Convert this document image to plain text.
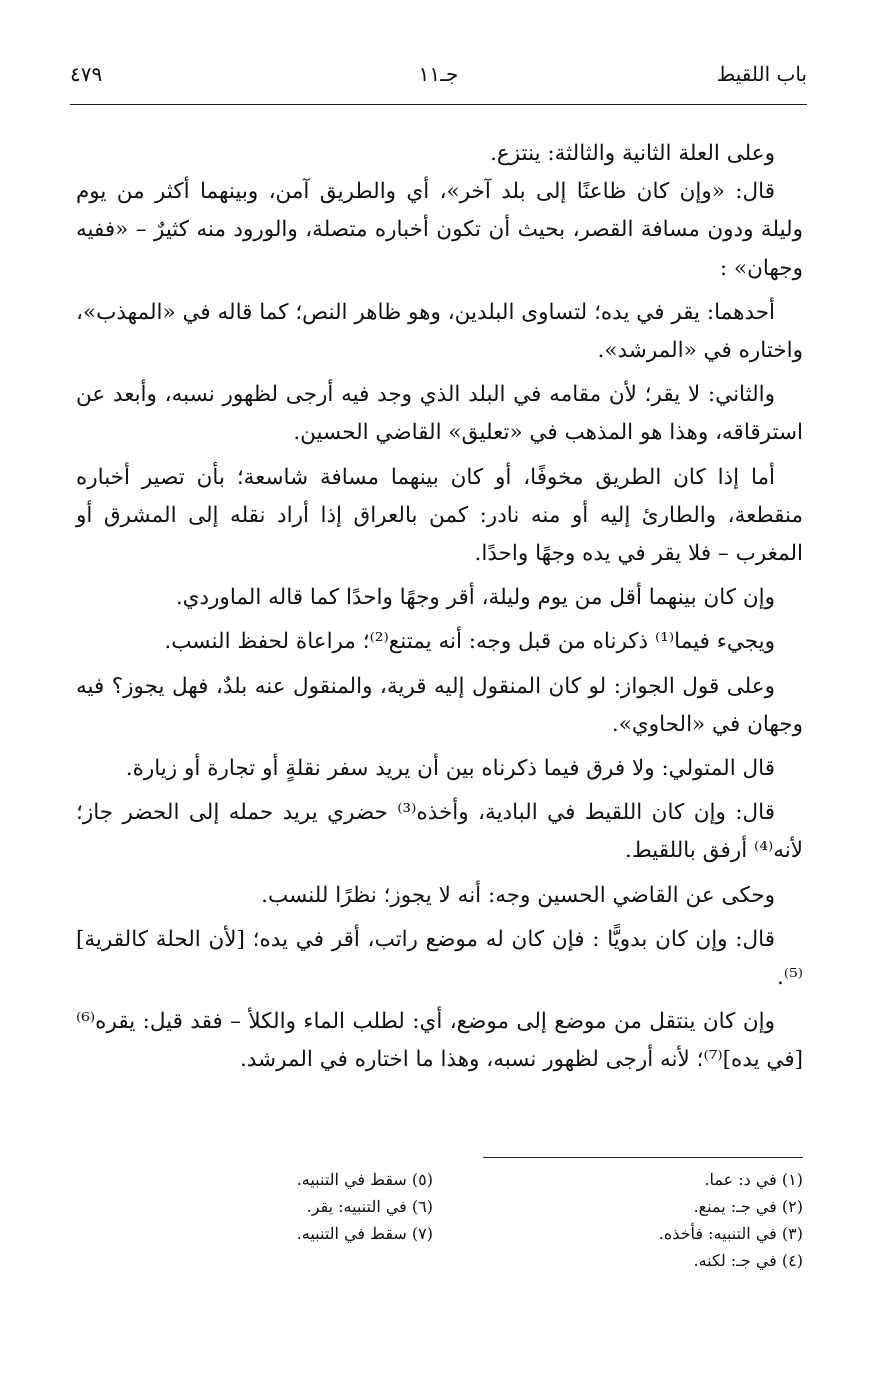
باب اللقيط
جـ١١
٤٧٩

وعلى العلة الثانية والثالثة: ينتزع.

قال: «وإن كان ظاعنًا إلى بلد آخر»، أي والطريق آمن، وبينهما أكثر من يوم وليلة ودون مسافة القصر، بحيث أن تكون أخباره متصلة، والورود منه كثيرٌ – «ففيه وجهان» :

أحدهما: يقر في يده؛ لتساوى البلدين، وهو ظاهر النص؛ كما قاله في «المهذب»، واختاره في «المرشد».

والثاني: لا يقر؛ لأن مقامه في البلد الذي وجد فيه أرجى لظهور نسبه، وأبعد عن استرقاقه، وهذا هو المذهب في «تعليق» القاضي الحسين.

أما إذا كان الطريق مخوفًا، أو كان بينهما مسافة شاسعة؛ بأن تصير أخباره منقطعة، والطارئ إليه أو منه نادر: كمن بالعراق إذا أراد نقله إلى المشرق أو المغرب – فلا يقر في يده وجهًا واحدًا.

وإن كان بينهما أقل من يوم وليلة، أقر وجهًا واحدًا كما قاله الماوردي.

ويجيء فيما⁽¹⁾ ذكرناه من قبل وجه: أنه يمتنع⁽²⁾؛ مراعاة لحفظ النسب.

وعلى قول الجواز: لو كان المنقول إليه قرية، والمنقول عنه بلدٌ، فهل يجوز؟ فيه وجهان في «الحاوي».

قال المتولي: ولا فرق فيما ذكرناه بين أن يريد سفر نقلةٍ أو تجارة أو زيارة.

قال: وإن كان اللقيط في البادية، وأخذه⁽³⁾ حضري يريد حمله إلى الحضر جاز؛ لأنه⁽⁴⁾ أرفق باللقيط.

وحكى عن القاضي الحسين وجه: أنه لا يجوز؛ نظرًا للنسب.

قال: وإن كان بدويًّا : فإن كان له موضع راتب، أقر في يده؛ [لأن الحلة كالقرية]⁽⁵⁾.

وإن كان ينتقل من موضع إلى موضع، أي: لطلب الماء والكلأ – فقد قيل: يقره⁽⁶⁾ [في يده]⁽⁷⁾؛ لأنه أرجى لظهور نسبه، وهذا ما اختاره في المرشد.

(١) في د: عما.
(٢) في جـ: يمنع.
(٣) في التنبيه: فأخذه.
(٤) في جـ: لكنه.
(٥) سقط في التنبيه.
(٦) في التنبيه: يقر.
(٧) سقط في التنبيه.
